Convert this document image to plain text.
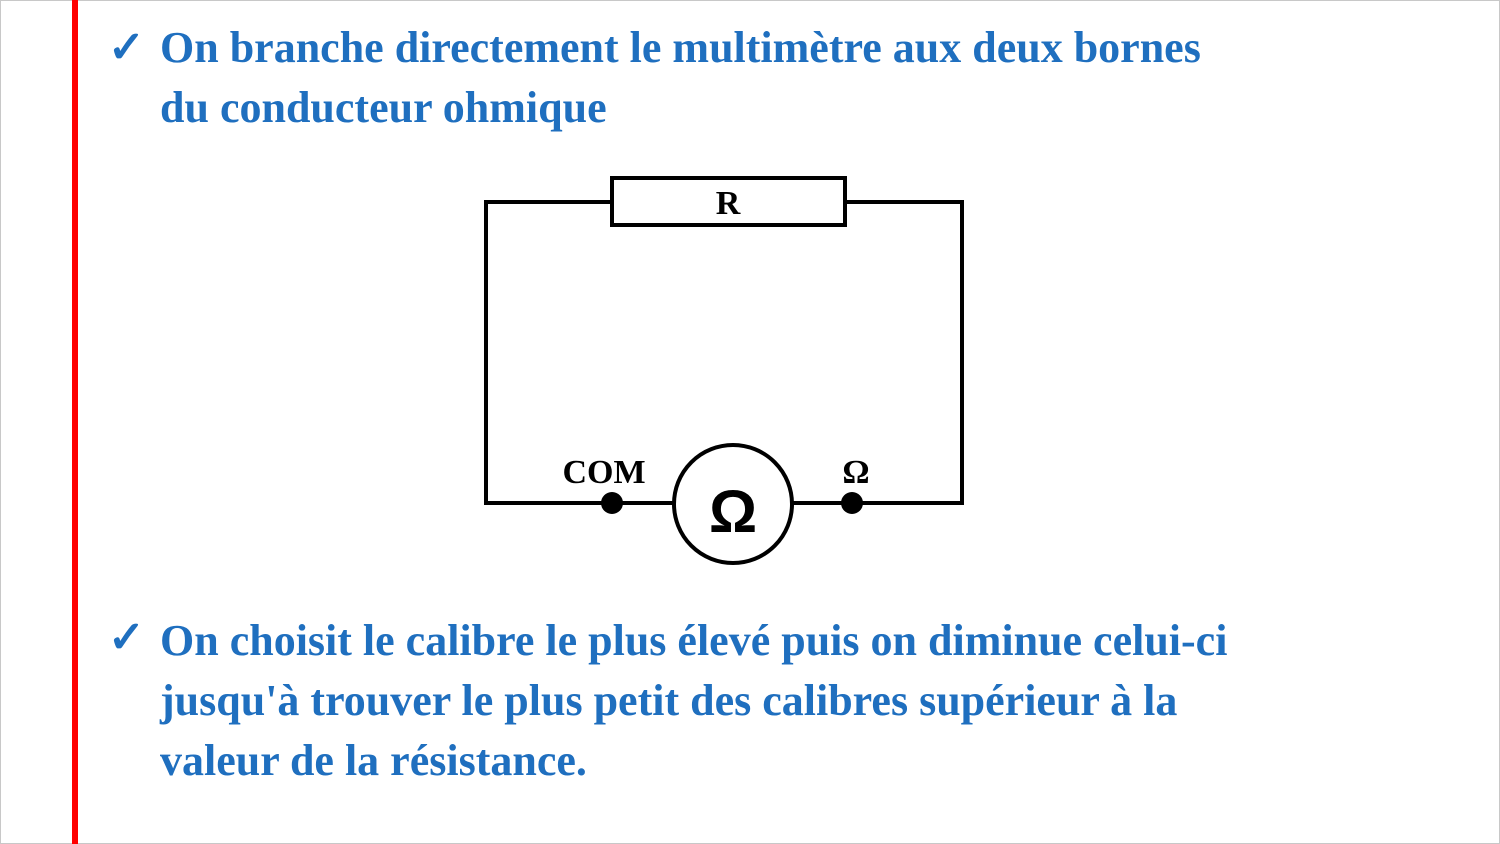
✓ On branche directement le multimètre aux deux bornes
du conducteur ohmique
R
Ω
COM	Ω
✓ On choisit le calibre le plus élevé puis on diminue celui-ci
jusqu'à trouver le plus petit des calibres supérieur à la
valeur de la résistance.
